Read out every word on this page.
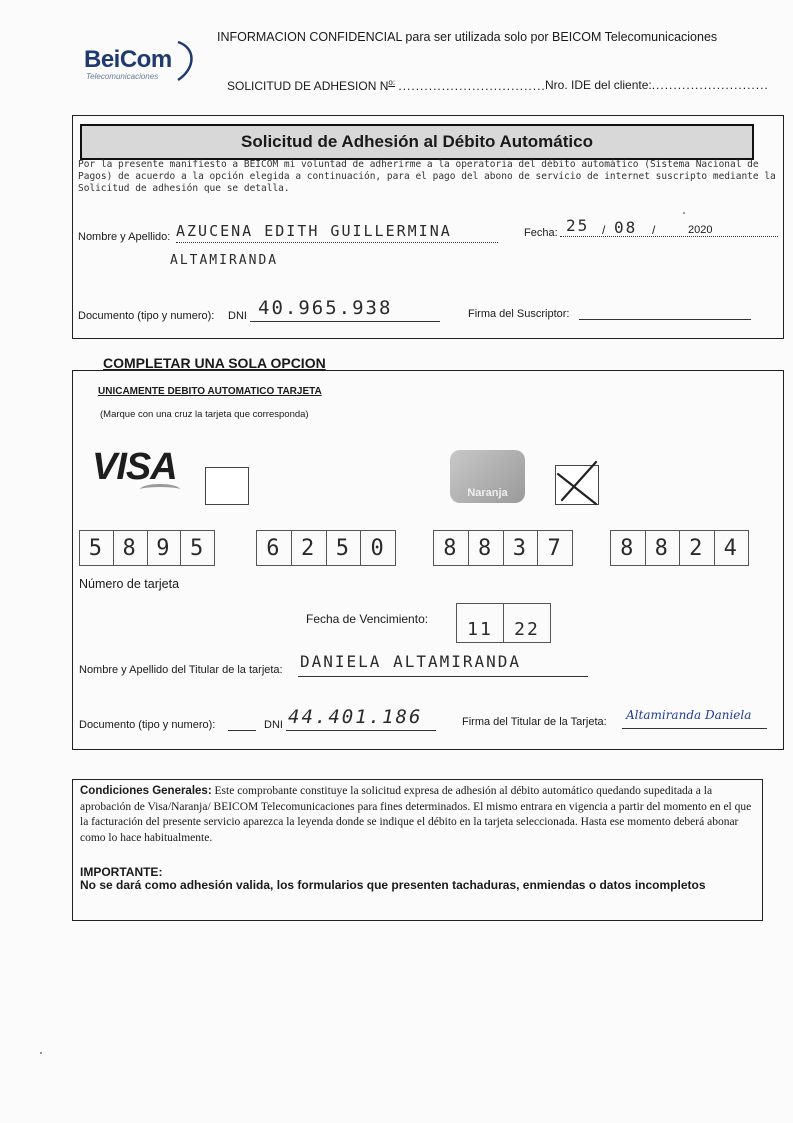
BeiCom
Telecomunicaciones
INFORMACION CONFIDENCIAL para ser utilizada solo por BEICOM Telecomunicaciones
SOLICITUD DE ADHESION $N^{o:}$ .................................. Nro. IDE del cliente:...........................
Solicitud de Adhesión al Débito Automático
Por la presente manifiesto a BEICOM mi voluntad de adherirme a la operatoria del débito automático (Sistema Nacional de Pagos) de acuerdo a la opción elegida a continuación, para el pago del abono de servicio de internet suscripto mediante la Solicitud de adhesión que se detalla.
Nombre y Apellido: AZUCENA EDITH GUILLERMINA
ALTAMIRANDA
Fecha: 25 / 08 /	2020
Documento (tipo y numero): DNI 40.965.938	Firma del Suscriptor:
COMPLETAR UNA SOLA OPCION
UNICAMENTE DEBITO AUTOMATICO TARJETA
(Marque con una cruz la tarjeta que corresponda)
VISA
Naranja
5 8 9 5	6 2 5 0	8 8 3 7	8 8 2 4
Número de tarjeta
Fecha de Vencimiento:	11	22
Nombre y Apellido del Titular de la tarjeta: DANIELA ALTAMIRANDA
Documento (tipo y numero):	DNI 44.401.186	Firma del Titular de la Tarjeta: Altamiranda Daniela
Condiciones Generales: Este comprobante constituye la solicitud expresa de adhesión al débito automático quedando supeditada a la aprobación de Visa/Naranja/ BEICOM Telecomunicaciones para fines determinados. El mismo entrara en vigencia a partir del momento en el que la facturación del presente servicio aparezca la leyenda donde se indique el débito en la tarjeta seleccionada. Hasta ese momento deberá abonar como lo hace habitualmente.
IMPORTANTE:
No se dará como adhesión valida, los formularios que presenten tachaduras, enmiendas o datos incompletos
